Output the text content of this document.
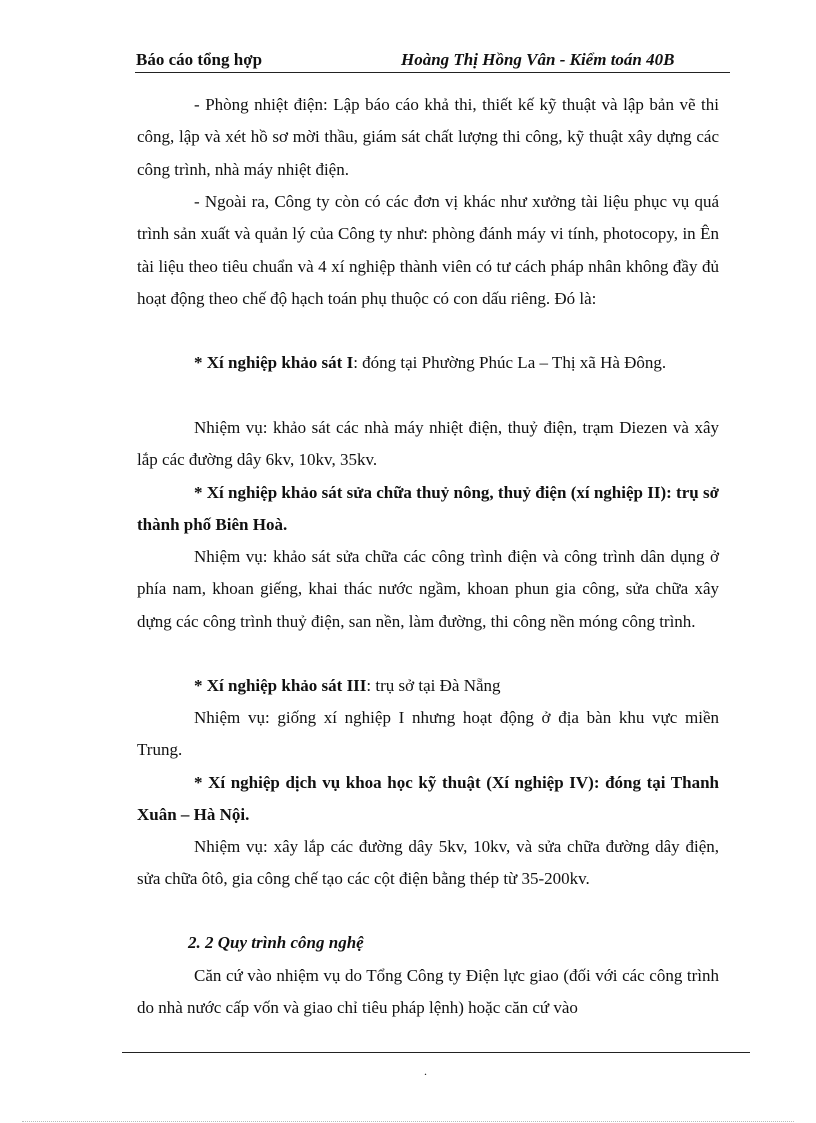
Báo cáo tổng hợp	Hoàng Thị Hồng Vân - Kiểm toán 40B

- Phòng nhiệt điện: Lập báo cáo khả thi, thiết kế kỹ thuật và lập bản vẽ thi công, lập và xét hồ sơ mời thầu, giám sát chất lượng thi công, kỹ thuật xây dựng các công trình, nhà máy nhiệt điện.

- Ngoài ra, Công ty còn có các đơn vị khác như xưởng tài liệu phục vụ quá trình sản xuất và quản lý của Công ty như: phòng đánh máy vi tính, photocopy, in Ên tài liệu theo tiêu chuẩn và 4 xí nghiệp thành viên có tư cách pháp nhân không đầy đủ hoạt động theo chế độ hạch toán phụ thuộc có con dấu riêng. Đó là:

* Xí nghiệp khảo sát I: đóng tại Phường Phúc La – Thị xã Hà Đông.

Nhiệm vụ: khảo sát các nhà máy nhiệt điện, thuỷ điện, trạm Diezen và xây lắp các đường dây 6kv, 10kv, 35kv.

* Xí nghiệp khảo sát sửa chữa thuỷ nông, thuỷ điện (xí nghiệp II): trụ sở thành phố Biên Hoà.

Nhiệm vụ: khảo sát sửa chữa các công trình điện và công trình dân dụng ở phía nam, khoan giếng, khai thác nước ngầm, khoan phun gia công, sửa chữa xây dựng các công trình thuỷ điện, san nền, làm đường, thi công nền móng công trình.

* Xí nghiệp khảo sát III: trụ sở tại Đà Nẵng

Nhiệm vụ: giống xí nghiệp I nhưng hoạt động ở địa bàn khu vực miền Trung.

* Xí nghiệp dịch vụ khoa học kỹ thuật (Xí nghiệp IV): đóng tại Thanh Xuân – Hà Nội.

Nhiệm vụ: xây lắp các đường dây 5kv, 10kv, và sửa chữa đường dây điện, sửa chữa ôtô, gia công chế tạo các cột điện bằng thép từ 35-200kv.

2. 2 Quy trình công nghệ

Căn cứ vào nhiệm vụ do Tổng Công ty Điện lực giao (đối với các công trình do nhà nước cấp vốn và giao chỉ tiêu pháp lệnh) hoặc căn cứ vào

.
